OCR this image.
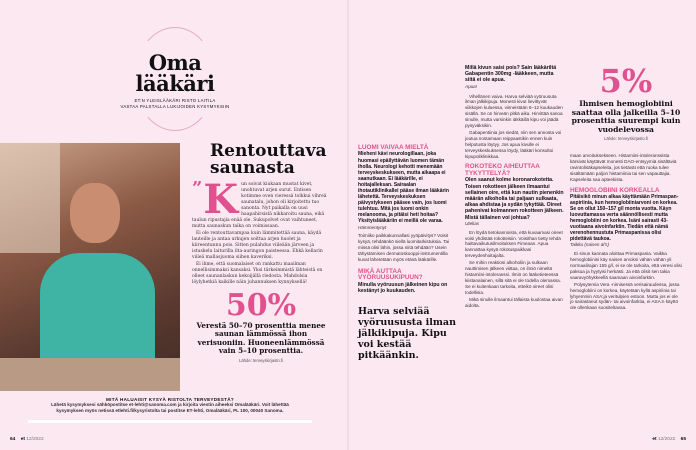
Oma
lääkäri
ET:N YLEISLÄÄKÄRI RISTO LAITILA
VASTAA PALSTALLA LUKIJOIDEN KYSYMYKSIIN
Rentouttava
saunasta
” K un soivat kiukaan mustat kivet, unohtuvat arjen surut. Entisen kotimme oven vieressä tolkkui vihreä saunatalu, johon oli kirjoitettu tuo sanonta. Nyt paikalla on uusi haapahirsistä nikkaroitu sauna, eikä taulun ripustajia enää ole. Sukupolvet ovat vaihtuneet, mutta saunaskun taika on voimissaan.

Ei ole rentouttavampaa kuin lämmitettää sauna, käydä lauteille ja antaa urkujen soittaa arjen huolet ja kiireentunnu pois. Sitten pulahdus viileään järveen ja istuskelu laiturilla ilta-auringon paisteessa. Ehkä kellarin viileä mallasjuoma siihen kaveriksi.

Ei ihme, että suomalaiset on rankattu maailman onnellisimmaksi kansaksi. Yksi tärkeimmistä lähteistä on olleet saunanlaskun kekoijällä riedosta. Mahdolsia löylyhetkiä kaikille näin juhannuksen kynnyksellä!

50%
Verestä 50–70 prosenttia menee saunan lämmössä ihon verisuoniin. Huoneenlämmössä vain 5–10 prosenttia.
Lähde: terveyskirjasto.fi
MITÄ HALUAISIT KYSYÄ RISTOLTA TERVEYDESTÄ?
Lähetä kysymyksesi sähköpostitse et-lehti@sanoma.com ja kirjoita viestin aiheeksi Omalääkäri. Voit lähettää
kysymyksen myös netissä etlehti.fi/kysyristolta tai postitse ET-lehti, Omalääkäri, PL 100, 00040 Sanoma.
64 et 12/2022	et 12/2022 65
LUOMI VAIVAA MIELTÄ
Mieheni kävi neurologillaan, joka huomasi epäilyttävän luomen tämän iholla. Neurologi kehotti menemään terveyskeskukseen, mutta aikaapa ei saanutkaan. Ei lääkärille, ei hoitajalleksan. Sairaalan ihotautiklinikallei pääse ilman lääkärin lähetettä. Terveyskeskuksen päivystykseen pääsee vain, jos luomi tulehtuu. Mitä jos luomi onkin melanooma, ja pitäisi heti hoitaa? Yksityislääkäriin ei meillä ole varaa.
Hämmentynyt
Toimiiko paikkakunnallasi yyöpäivitys? Voisit kysyä, tehdäänkö siellä luomitarkistuksia. Tai missä olisi lähin, jossa niitä tehdään? Usein tähystämisen dermatoskooppi-instrumentilla kuvat lähetetään myös etänä lääkärille.
MIKÄ AUTTAA VYÖRUUSUKIPUUN?
Minulla vyöruusun jälkeinen kipu on kestänyt jo kuukauden.
Harva selviää vyöruususta ilman jälkikipuja. Kipu voi kestää pitkäänkin.
Millä kivun saisi pois? Sain lääkäriltä Gabapentin 300mg -lääkkeen, mutta siitä ei ole apua.
Apua!

Vihellänen vaiva. Harva selviää vyöruusuta ilman jälkikipuja. Monesti kivut lievittyvät viikkojen kuluessa, viimeistään 6–12 kuukauden sisällä. Se on hirveän pitkä aika. Hirvittää sanoa sinulle, mutta varsinkin iäkkäillä kipu voi jäädä pysyväksikin.

Gabapentiinia jos siedät, niin sen annosta voi joutua nostamaan reippaastikin ennen kuin helpotusta löytyy. Jos apua kivulle ei terveyskeskuksessa löydy, lääkäri konsultoi kipupoliklinikkaa.

ROKOTEKO AIHEUTTAA TYKYTTELYÄ?
Olen saanut kolme koronarokotetta. Toisen rokotteen jälkeen ilmaantui sellainen oire, että kun nautin pienenkin määrän alkoholia tai paljaan sulkaata, alkaa ahdistaa ja sydän tykyttää. Oireet pahenivat kolmannen rokotteen jälkeen. Mistä tällainen voi johtua?
Utelias

En löydä tietokannoista, että kuvaamasi oireet voisi yhdistää rokotteisiin. Voisithan tietty tehdä haittavaikutusilmoituksen Fimeaan. Apua kannattaa kysyä rokotuspaikkasi terveydenhoitajalta.

Se mihin reaktiosi alkoholiin ja sulkaan nauttimisen jälkeen viittaa, on ilmiö nimeltä histamiini-intoleranssi. Ilmiö on lääketieteessä kiistanalainen, sillä sitä ei ole todella olemassa. Se ei kuitenkaan tarkoita, etteikö oireet olisi todellisia.

Mikä sinulle ilmaantui tällaista kuulostaa aivan aidolta.

5%
Ihmisen hemoglobiini saattaa olla jalkeilla 5–10 prosenttia suurempi kuin vuodelevossa
Lähde: terveyskirjasto.fi
maan arvoituksekseen. Histamiini-intoleranssista kärsivät käyttävät monesti DAO-entsyymiä sisältäviä ravintolisäkapseleita, jos tietävät että ruoka tulee sisältämään paljon histamiinia tai sen vapauttajia. Kapseleita saa apteekista.
HEMOGLOBIINI KORKEALLA
Pitäisikö minun alkaa käyttämään Primaspan-aspiriinia, kun hemoglobiiniarvoni on korkea. Se on ollut 150–157 g/l monta vuotta. Käyn luovuttamassa verta säännöllisesti mutta hemoglobiini on korkea. Isäni sairasti 43-vuotiaana aivoinfarktin. Tiedän että nämä verenohennustuta Primaspanissa olisi pidettävä taukoa.
Taikku (naisen al's)

Ei sinun kannata aloittaa Primaspania. Vaikka hemoglobiinisi käy naisen arvoksi vähän vähän yli normaalirajan 155 g/l, ei se ole tarkoita, että veresi olisi paksua ja hyytyisi herkästi. Ja että olisit sen takia vaaravyöhykkeellä saamaan aivoinfarktin.

Polysytemia Vera -nimisessä verisairaudessa, jossa hemoglobiini on korkea, käytetään kyllä aspiriinia tai lyhyemmin ASA:ja veritulpien estoon. Mutta jos ei ole jo sairastanut sydän- tai aivoinfarktia, ei ASA:n käyttö ole ollenkaan suositeltavaa.
